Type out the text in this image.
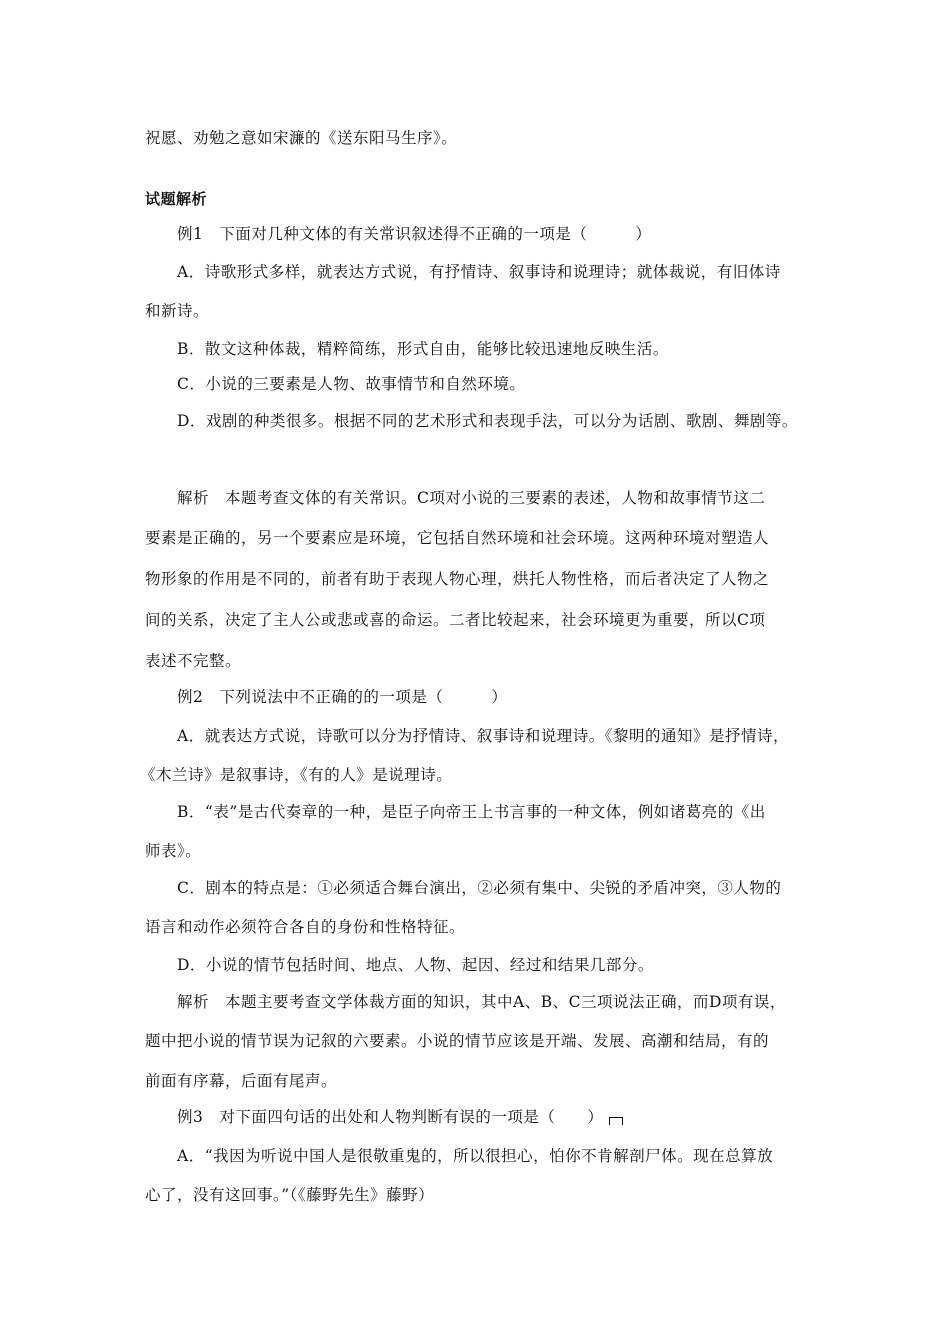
祝愿、劝勉之意如宋濂的《送东阳马生序》。
试题解析
例1　下面对几种文体的有关常识叙述得不正确的一项是（　　　）
A．诗歌形式多样，就表达方式说，有抒情诗、叙事诗和说理诗；就体裁说，有旧体诗
和新诗。
B．散文这种体裁，精粹简练，形式自由，能够比较迅速地反映生活。
C．小说的三要素是人物、故事情节和自然环境。
D．戏剧的种类很多。根据不同的艺术形式和表现手法，可以分为话剧、歌剧、舞剧等。
解析　本题考查文体的有关常识。C项对小说的三要素的表述，人物和故事情节这二
要素是正确的，另一个要素应是环境，它包括自然环境和社会环境。这两种环境对塑造人
物形象的作用是不同的，前者有助于表现人物心理，烘托人物性格，而后者决定了人物之
间的关系，决定了主人公或悲或喜的命运。二者比较起来，社会环境更为重要，所以C项
表述不完整。
例2　下列说法中不正确的的一项是（　　　）
A．就表达方式说，诗歌可以分为抒情诗、叙事诗和说理诗。《黎明的通知》是抒情诗，
《木兰诗》是叙事诗，《有的人》是说理诗。
B．“表”是古代奏章的一种，是臣子向帝王上书言事的一种文体，例如诸葛亮的《出
师表》。
C．剧本的特点是：①必须适合舞台演出，②必须有集中、尖锐的矛盾冲突，③人物的
语言和动作必须符合各自的身份和性格特征。
D．小说的情节包括时间、地点、人物、起因、经过和结果几部分。
解析　本题主要考查文学体裁方面的知识，其中A、B、C三项说法正确，而D项有误，
题中把小说的情节误为记叙的六要素。小说的情节应该是开端、发展、高潮和结局，有的
前面有序幕，后面有尾声。
例3　对下面四句话的出处和人物判断有误的一项是（　　）
A．“我因为听说中国人是很敬重鬼的，所以很担心，怕你不肯解剖尸体。现在总算放
心了，没有这回事。”（《藤野先生》藤野）
